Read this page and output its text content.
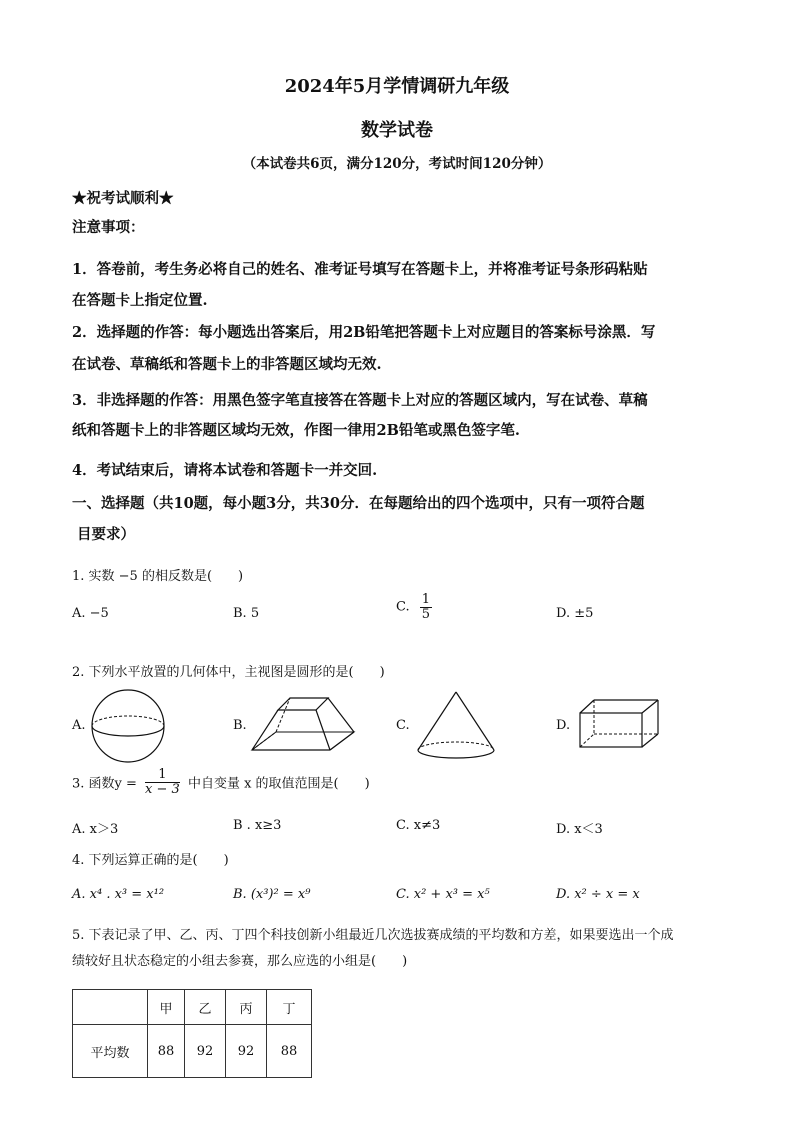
2024年5月学情调研九年级
数学试卷
（本试卷共6页，满分120分，考试时间120分钟）
★祝考试顺利★
注意事项：
1．答卷前，考生务必将自己的姓名、准考证号填写在答题卡上，并将准考证号条形码粘贴
在答题卡上指定位置.
2．选择题的作答：每小题选出答案后，用2B铅笔把答题卡上对应题目的答案标号涂黑．写
在试卷、草稿纸和答题卡上的非答题区域均无效.
3．非选择题的作答：用黑色签字笔直接答在答题卡上对应的答题区域内，写在试卷、草稿
纸和答题卡上的非答题区域均无效，作图一律用2B铅笔或黑色签字笔.
4．考试结束后，请将本试卷和答题卡一并交回.
一、选择题（共10题，每小题3分，共30分．在每题给出的四个选项中，只有一项符合题
目要求）
1. 实数 −5 的相反数是(　　)
A. −5	B. 5	C. $\frac{1}{5}$	D. ±5
2. 下列水平放置的几何体中，主视图是圆形的是(　　)
A.	B.	C.	D.
3. 函数$y = \frac{1}{x - 3}$ 中自变量 x 的取值范围是(　　)
A. x＞3	B . x≥3	C. x≠3	D. x＜3
4. 下列运算正确的是(　　)
A. x⁴ . x³ = x¹²	B. (x³)² = x⁹	C. x² + x³ = x⁵	D. x² ÷ x = x
5. 下表记录了甲、乙、丙、丁四个科技创新小组最近几次选拔赛成绩的平均数和方差，如果要选出一个成
绩较好且状态稳定的小组去参赛，那么应选的小组是(　　)
	甲	乙	丙	丁
平均数	88	92	92	88
